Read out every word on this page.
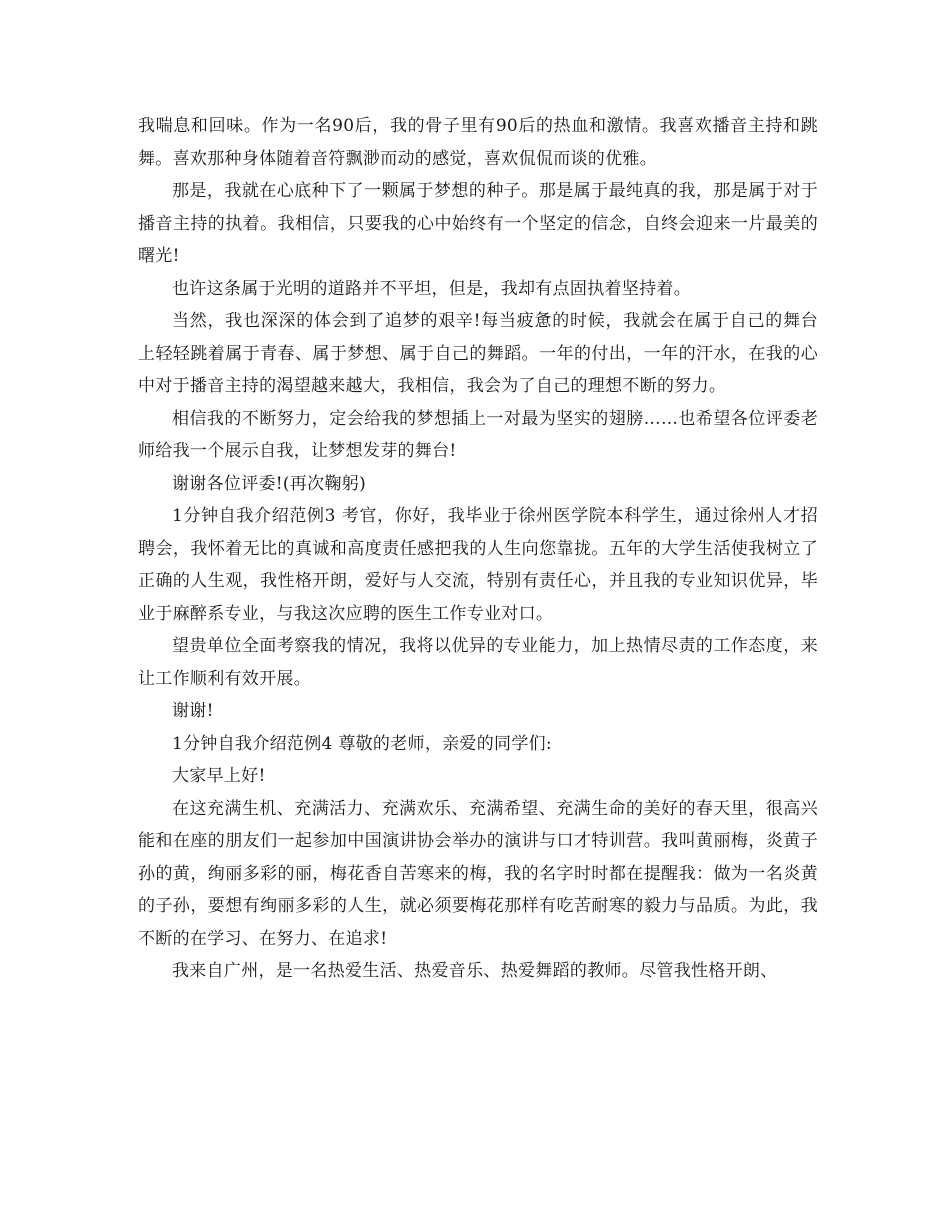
我喘息和回味。作为一名90后，我的骨子里有90后的热血和激情。我喜欢播音主持和跳舞。喜欢那种身体随着音符飘渺而动的感觉，喜欢侃侃而谈的优雅。

那是，我就在心底种下了一颗属于梦想的种子。那是属于最纯真的我，那是属于对于播音主持的执着。我相信，只要我的心中始终有一个坚定的信念，自终会迎来一片最美的曙光!

也许这条属于光明的道路并不平坦，但是，我却有点固执着坚持着。

当然，我也深深的体会到了追梦的艰辛!每当疲惫的时候，我就会在属于自己的舞台上轻轻跳着属于青春、属于梦想、属于自己的舞蹈。一年的付出，一年的汗水，在我的心中对于播音主持的渴望越来越大，我相信，我会为了自己的理想不断的努力。

相信我的不断努力，定会给我的梦想插上一对最为坚实的翅膀……也希望各位评委老师给我一个展示自我，让梦想发芽的舞台!

谢谢各位评委!(再次鞠躬)

1分钟自我介绍范例3 考官，你好，我毕业于徐州医学院本科学生，通过徐州人才招聘会，我怀着无比的真诚和高度责任感把我的人生向您靠拢。五年的大学生活使我树立了正确的人生观，我性格开朗，爱好与人交流，特别有责任心，并且我的专业知识优异，毕业于麻醉系专业，与我这次应聘的医生工作专业对口。

望贵单位全面考察我的情况，我将以优异的专业能力，加上热情尽责的工作态度，来让工作顺利有效开展。

谢谢!

1分钟自我介绍范例4 尊敬的老师，亲爱的同学们:

大家早上好!

在这充满生机、充满活力、充满欢乐、充满希望、充满生命的美好的春天里，很高兴能和在座的朋友们一起参加中国演讲协会举办的演讲与口才特训营。我叫黄丽梅，炎黄子孙的黄，绚丽多彩的丽，梅花香自苦寒来的梅，我的名字时时都在提醒我：做为一名炎黄的子孙，要想有绚丽多彩的人生，就必须要梅花那样有吃苦耐寒的毅力与品质。为此，我不断的在学习、在努力、在追求!

我来自广州，是一名热爱生活、热爱音乐、热爱舞蹈的教师。尽管我性格开朗、
